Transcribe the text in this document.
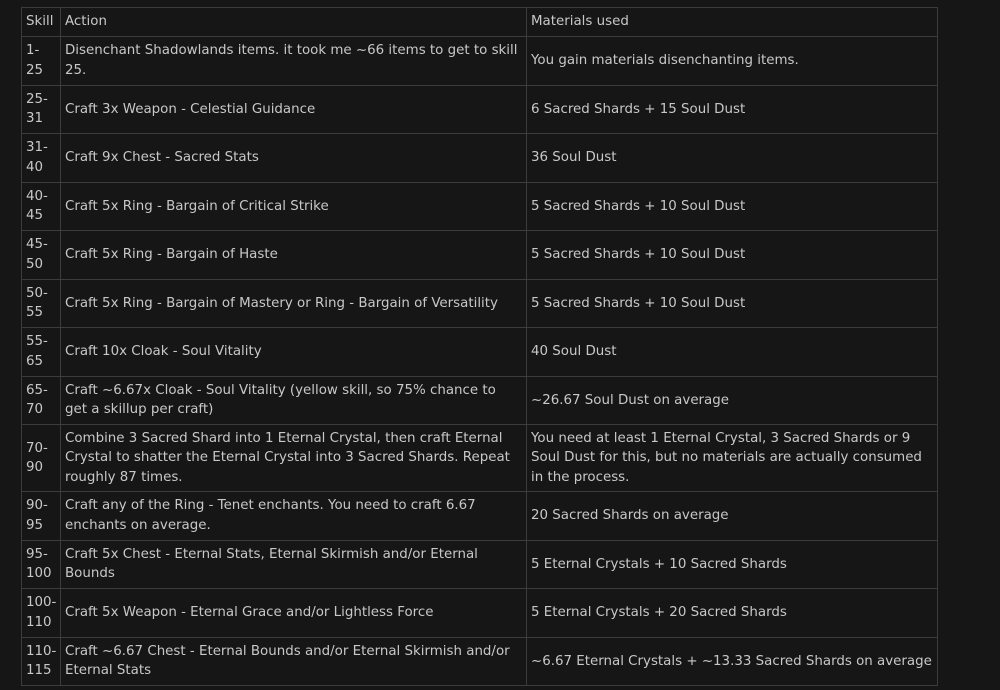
Skill	Action	Materials used
1-25	Disenchant Shadowlands items. it took me ~66 items to get to skill 25.	You gain materials disenchanting items.
25-31	Craft 3x Weapon - Celestial Guidance	6 Sacred Shards + 15 Soul Dust
31-40	Craft 9x Chest - Sacred Stats	36 Soul Dust
40-45	Craft 5x Ring - Bargain of Critical Strike	5 Sacred Shards + 10 Soul Dust
45-50	Craft 5x Ring - Bargain of Haste	5 Sacred Shards + 10 Soul Dust
50-55	Craft 5x Ring - Bargain of Mastery or Ring - Bargain of Versatility	5 Sacred Shards + 10 Soul Dust
55-65	Craft 10x Cloak - Soul Vitality	40 Soul Dust
65-70	Craft ~6.67x Cloak - Soul Vitality (yellow skill, so 75% chance to get a skillup per craft)	~26.67 Soul Dust on average
70-90	Combine 3 Sacred Shard into 1 Eternal Crystal, then craft Eternal Crystal to shatter the Eternal Crystal into 3 Sacred Shards. Repeat roughly 87 times.	You need at least 1 Eternal Crystal, 3 Sacred Shards or 9 Soul Dust for this, but no materials are actually consumed in the process.
90-95	Craft any of the Ring - Tenet enchants. You need to craft 6.67 enchants on average.	20 Sacred Shards on average
95-100	Craft 5x Chest - Eternal Stats, Eternal Skirmish and/or Eternal Bounds	5 Eternal Crystals + 10 Sacred Shards
100-110	Craft 5x Weapon - Eternal Grace and/or Lightless Force	5 Eternal Crystals + 20 Sacred Shards
110-115	Craft ~6.67 Chest - Eternal Bounds and/or Eternal Skirmish and/or Eternal Stats	~6.67 Eternal Crystals + ~13.33 Sacred Shards on average
